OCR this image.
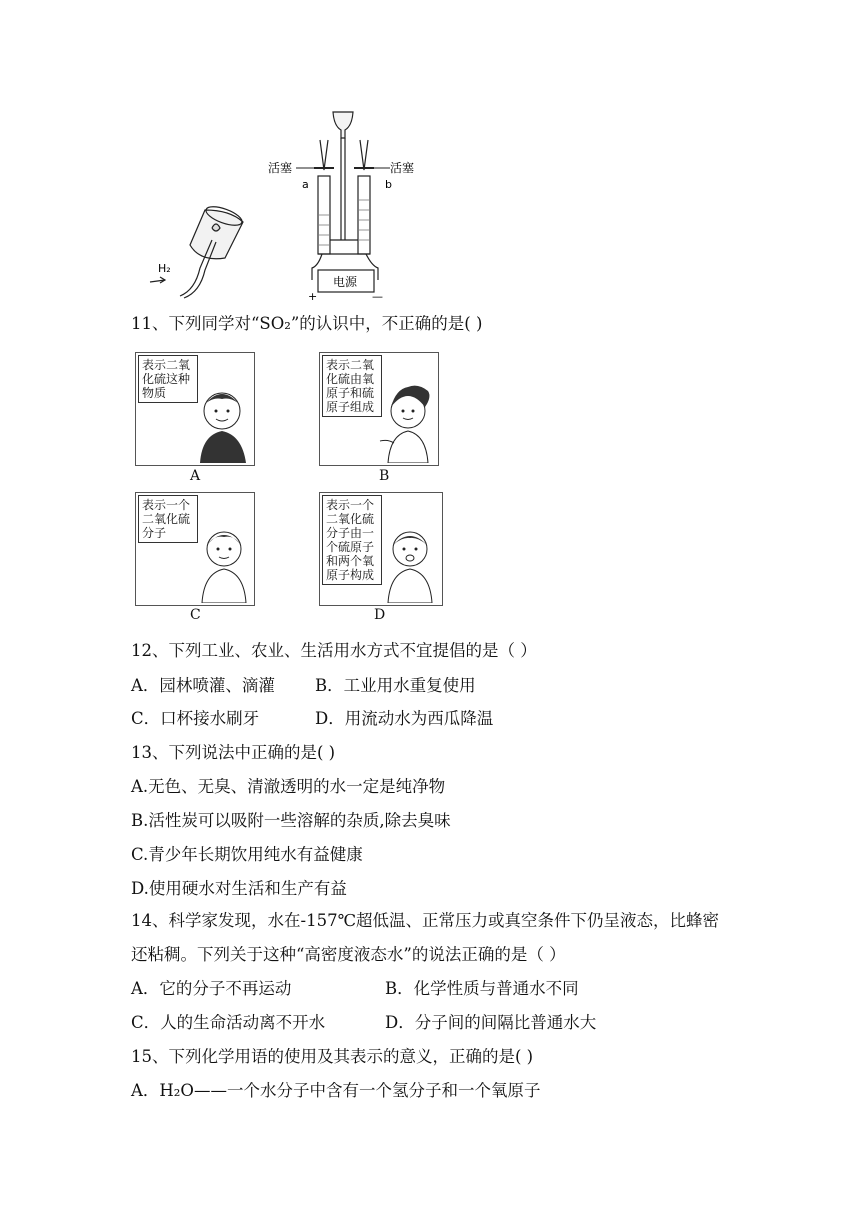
H₂
活塞
a
活塞
b
电源
+	—
11、下列同学对“SO₂”的认识中，不正确的是( )
表示二氧化硫这种物质
A
表示二氧化硫由氧原子和硫原子组成
B
表示一个二氧化硫分子
C
表示一个二氧化硫分子由一个硫原子和两个氧原子构成
D
12、下列工业、农业、生活用水方式不宜提倡的是（ ）
A．园林喷灌、滴灌 B．工业用水重复使用
C．口杯接水刷牙	D．用流动水为西瓜降温
13、下列说法中正确的是( )
A.无色、无臭、清澈透明的水一定是纯净物
B.活性炭可以吸附一些溶解的杂质,除去臭味
C.青少年长期饮用纯水有益健康
D.使用硬水对生活和生产有益
14、科学家发现，水在-157℃超低温、正常压力或真空条件下仍呈液态，比蜂密
还粘稠。下列关于这种“高密度液态水”的说法正确的是（ ）
A．它的分子不再运动	B．化学性质与普通水不同
C．人的生命活动离不开水	D．分子间的间隔比普通水大
15、下列化学用语的使用及其表示的意义，正确的是( )
A．H₂O——一个水分子中含有一个氢分子和一个氧原子
